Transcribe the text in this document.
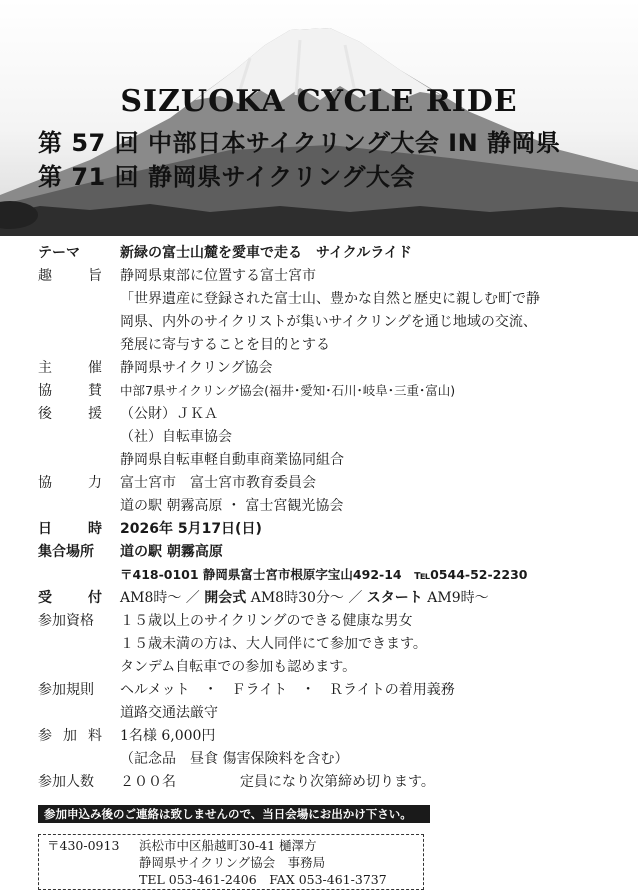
SIZUOKA CYCLE RIDE
第 57 回 中部日本サイクリング大会 IN 静岡県
第 71 回 静岡県サイクリング大会
テーマ	新緑の富士山麓を愛車で走る　サイクルライド
趣	旨 静岡県東部に位置する富士宮市
「世界遺産に登録された富士山、豊かな自然と歴史に親しむ町で静
岡県、内外のサイクリストが集いサイクリングを通じ地域の交流、
発展に寄与することを目的とする
主	催 静岡県サイクリング協会
協	賛 中部7県サイクリング協会(福井･愛知･石川･岐阜･三重･富山)
後	援 （公財）ＪＫＡ
（社）自転車協会
静岡県自転車軽自動車商業協同組合
協	力 富士宮市　富士宮市教育委員会
道の駅 朝霧高原 ・ 富士宮観光協会
日	時 2026年 5月17日(日)
集合場所	道の駅 朝霧高原
〒418-0101 静岡県富士宮市根原字宝山492-14　℡0544-52-2230
受	付 AM8時～ ／ 開会式 AM8時30分～ ／ スタート AM9時～
参加資格	１５歳以上のサイクリングのできる健康な男女
１５歳未満の方は、大人同伴にて参加できます。
タンデム自転車での参加も認めます。
参加規則	ヘルメット　・　Ｆライト　・　Ｒライトの着用義務
道路交通法厳守
参 加 料 1名様 6,000円
（記念品　昼食 傷害保険料を含む）
参加人数	２００名	定員になり次第締め切ります。
参加申込み後のご連絡は致しませんので、当日会場にお出かけ下さい。
〒430-0913 浜松市中区船越町30-41 樋澤方
静岡県サイクリング協会　事務局
TEL 053-461-2406　FAX 053-461-3737
